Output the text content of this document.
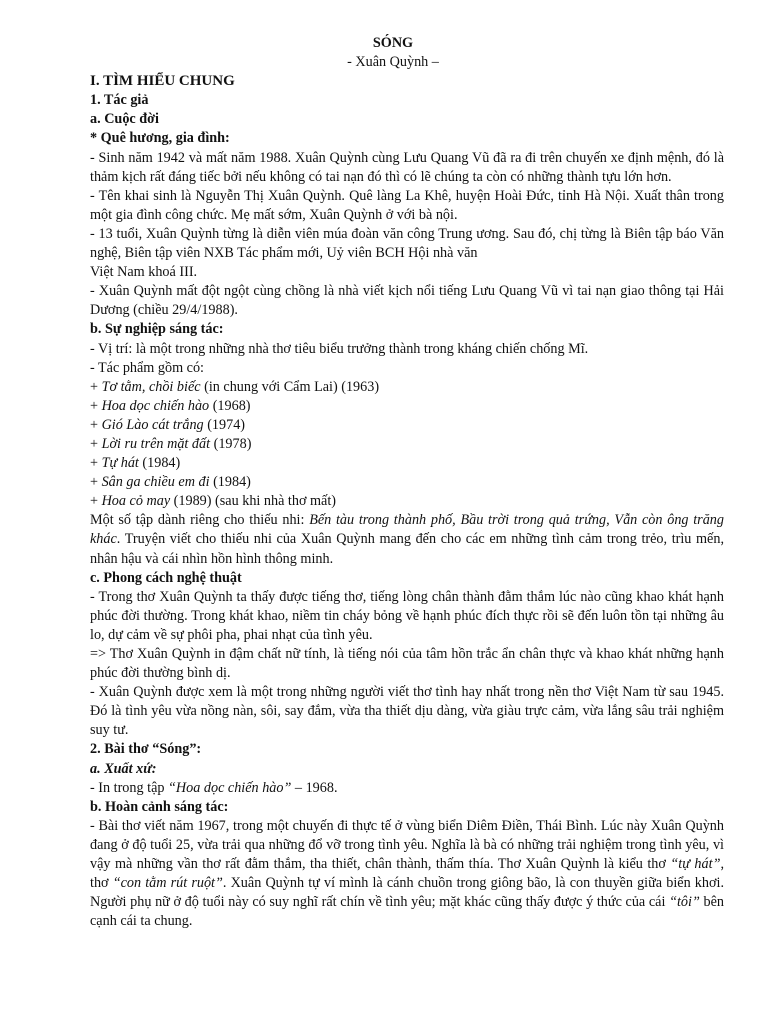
SÓNG
- Xuân Quỳnh –
I. TÌM HIỂU CHUNG
1. Tác giả
a. Cuộc đời
* Quê hương, gia đình:
- Sinh năm 1942 và mất năm 1988. Xuân Quỳnh cùng Lưu Quang Vũ đã ra đi trên chuyến xe định mệnh, đó là thảm kịch rất đáng tiếc bởi nếu không có tai nạn đó thì có lẽ chúng ta còn có những thành tựu lớn hơn.
- Tên khai sinh là Nguyễn Thị Xuân Quỳnh. Quê làng La Khê, huyện Hoài Đức, tỉnh Hà Nội. Xuất thân trong một gia đình công chức. Mẹ mất sớm, Xuân Quỳnh ở với bà nội.
- 13 tuổi, Xuân Quỳnh từng là diễn viên múa đoàn văn công Trung ương. Sau đó, chị từng là Biên tập báo Văn nghệ, Biên tập viên NXB Tác phẩm mới, Uỷ viên BCH Hội nhà văn
Việt Nam khoá III.
- Xuân Quỳnh mất đột ngột cùng chồng là nhà viết kịch nổi tiếng Lưu Quang Vũ vì tai nạn giao thông tại Hải Dương (chiều 29/4/1988).
b. Sự nghiệp sáng tác:
- Vị trí: là một trong những nhà thơ tiêu biểu trưởng thành trong kháng chiến chống Mĩ.
- Tác phẩm gồm có:
+ Tơ tằm, chồi biếc (in chung với Cẩm Lai) (1963)
+ Hoa dọc chiến hào (1968)
+ Gió Lào cát trắng (1974)
+ Lời ru trên mặt đất (1978)
+ Tự hát (1984)
+ Sân ga chiều em đi (1984)
+ Hoa cỏ may (1989) (sau khi nhà thơ mất)
Một số tập dành riêng cho thiếu nhi: Bến tàu trong thành phố, Bầu trời trong quả trứng, Vẫn còn ông trăng khác. Truyện viết cho thiếu nhi của Xuân Quỳnh mang đến cho các em những tình cảm trong trẻo, trìu mến, nhân hậu và cái nhìn hồn hình thông minh.
c. Phong cách nghệ thuật
- Trong thơ Xuân Quỳnh ta thấy được tiếng thơ, tiếng lòng chân thành đằm thắm lúc nào cũng khao khát hạnh phúc đời thường. Trong khát khao, niềm tin cháy bỏng về hạnh phúc đích thực rồi sẽ đến luôn tồn tại những âu lo, dự cảm về sự phôi pha, phai nhạt của tình yêu.
=> Thơ Xuân Quỳnh in đậm chất nữ tính, là tiếng nói của tâm hồn trắc ẩn chân thực và khao khát những hạnh phúc đời thường bình dị.
- Xuân Quỳnh được xem là một trong những người viết thơ tình hay nhất trong nền thơ Việt Nam từ sau 1945. Đó là tình yêu vừa nồng nàn, sôi, say đắm, vừa tha thiết dịu dàng, vừa giàu trực cảm, vừa lắng sâu trải nghiệm suy tư.
2. Bài thơ “Sóng”:
a. Xuất xứ:
- In trong tập “Hoa dọc chiến hào” – 1968.
b. Hoàn cảnh sáng tác:
- Bài thơ viết năm 1967, trong một chuyến đi thực tế ở vùng biển Diêm Điền, Thái Bình. Lúc này Xuân Quỳnh đang ở độ tuổi 25, vừa trải qua những đổ vỡ trong tình yêu. Nghĩa là bà có những trải nghiệm trong tình yêu, vì vậy mà những vần thơ rất đằm thắm, tha thiết, chân thành, thấm thía. Thơ Xuân Quỳnh là kiểu thơ “tự hát”, thơ “con tằm rút ruột”. Xuân Quỳnh tự ví mình là cánh chuồn trong giông bão, là con thuyền giữa biển khơi. Người phụ nữ ở độ tuổi này có suy nghĩ rất chín về tình yêu; mặt khác cũng thấy được ý thức của cái “tôi” bên cạnh cái ta chung.
